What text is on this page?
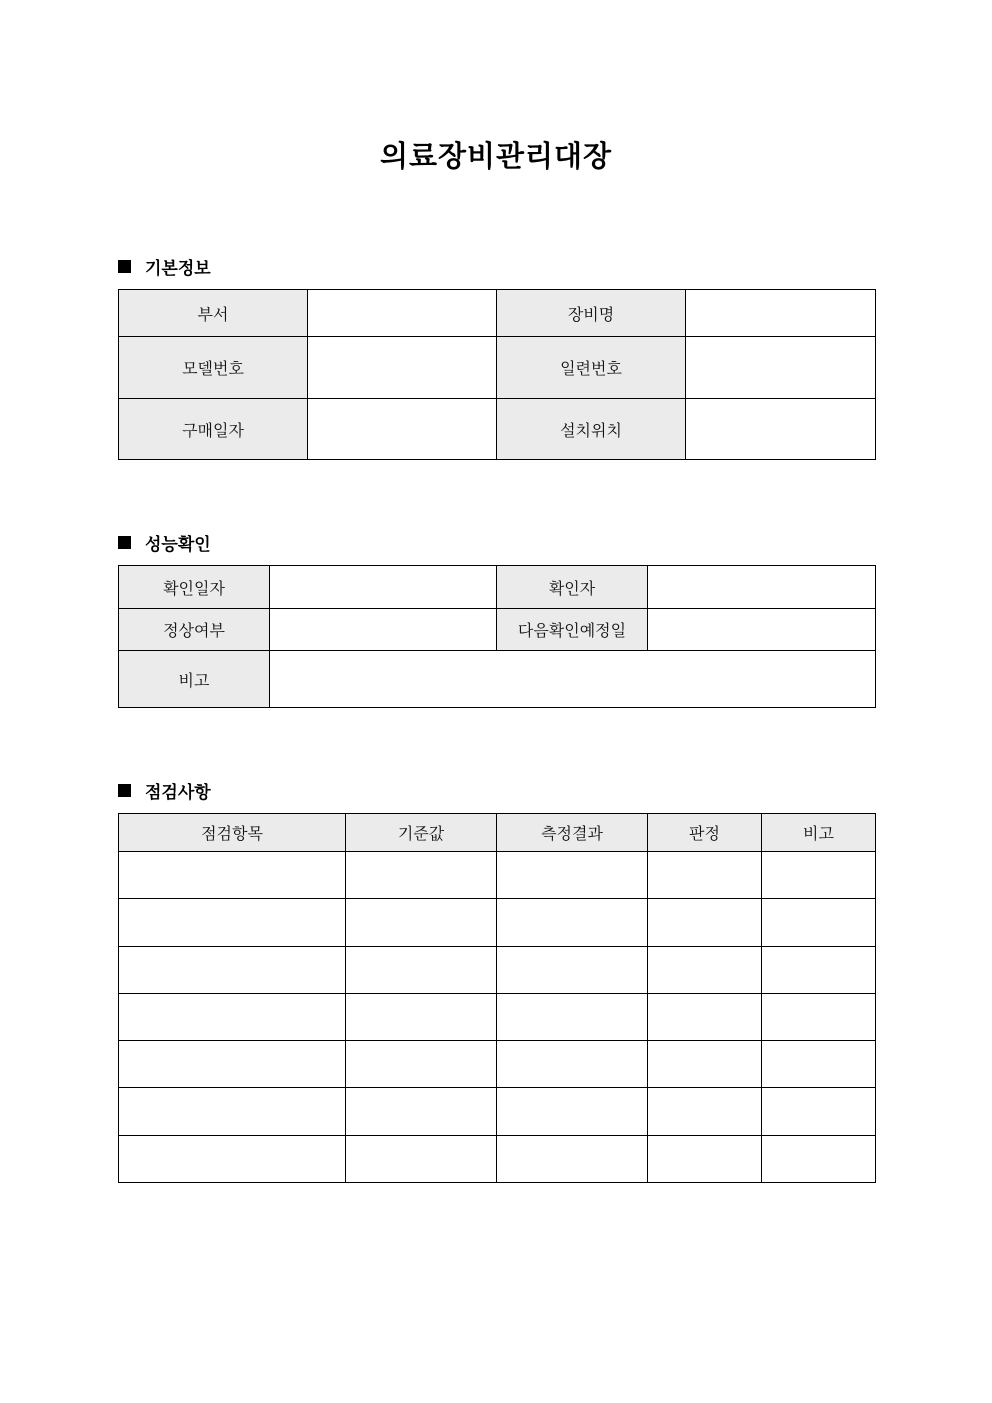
의료장비관리대장
기본정보
부서		장비명	
모델번호		일련번호	
구매일자		설치위치	
성능확인
확인일자		확인자	
정상여부		다음확인예정일	
비고			
점검사항
점검항목	기준값	측정결과	판정	비고
